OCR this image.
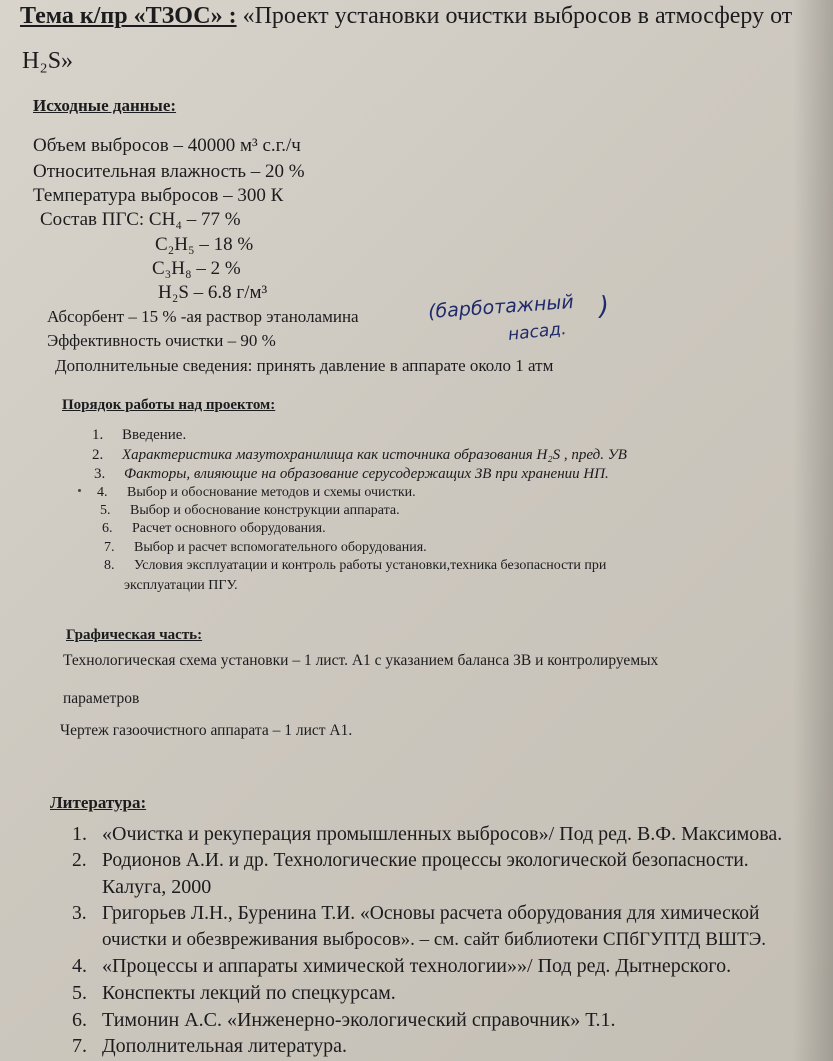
Тема к/пр «ТЗОС» : «Проект установки очистки выбросов в атмосферу от
H₂S»
Исходные данные:
Объем выбросов – 40000 м³ с.г./ч
Относительная влажность – 20 %
Температура выбросов – 300 К
Состав ПГС: CH₄ – 77 %
C₂H₅ – 18 %
C₃H₈ – 2 %
H₂S – 6.8 г/м³
Абсорбент – 15 % -ая раствор этаноламина	(барботажный
насад.
)
Эффективность очистки – 90 %
Дополнительные сведения: принять давление в аппарате около 1 атм
Порядок работы над проектом:
1. Введение.
2. Характеристика мазутохранилища как источника образования H₂S , пред. УВ
3. Факторы, влияющие на образование серусодержащих ЗВ при хранении НП.
4. Выбор и обоснование методов и схемы очистки.
5. Выбор и обоснование конструкции аппарата.
6. Расчет основного оборудования.
7. Выбор и расчет вспомогательного оборудования.
8. Условия эксплуатации и контроль работы установки,техника безопасности при
эксплуатации ПГУ.
Графическая часть:
Технологическая схема установки – 1 лист. А1 с указанием баланса ЗВ и контролируемых
параметров
Чертеж газоочистного аппарата – 1 лист А1.
Литература:
1. «Очистка и рекуперация промышленных выбросов»/ Под ред. В.Ф. Максимова.
2. Родионов А.И. и др. Технологические процессы экологической безопасности.
Калуга, 2000
3. Григорьев Л.Н., Буренина Т.И. «Основы расчета оборудования для химической
очистки и обезвреживания выбросов». – см. сайт библиотеки СПбГУПТД ВШТЭ.
4. «Процессы и аппараты химической технологии»»/ Под ред. Дытнерского.
5. Конспекты лекций по спецкурсам.
6. Тимонин А.С. «Инженерно-экологический справочник» Т.1.
7. Дополнительная литература.
